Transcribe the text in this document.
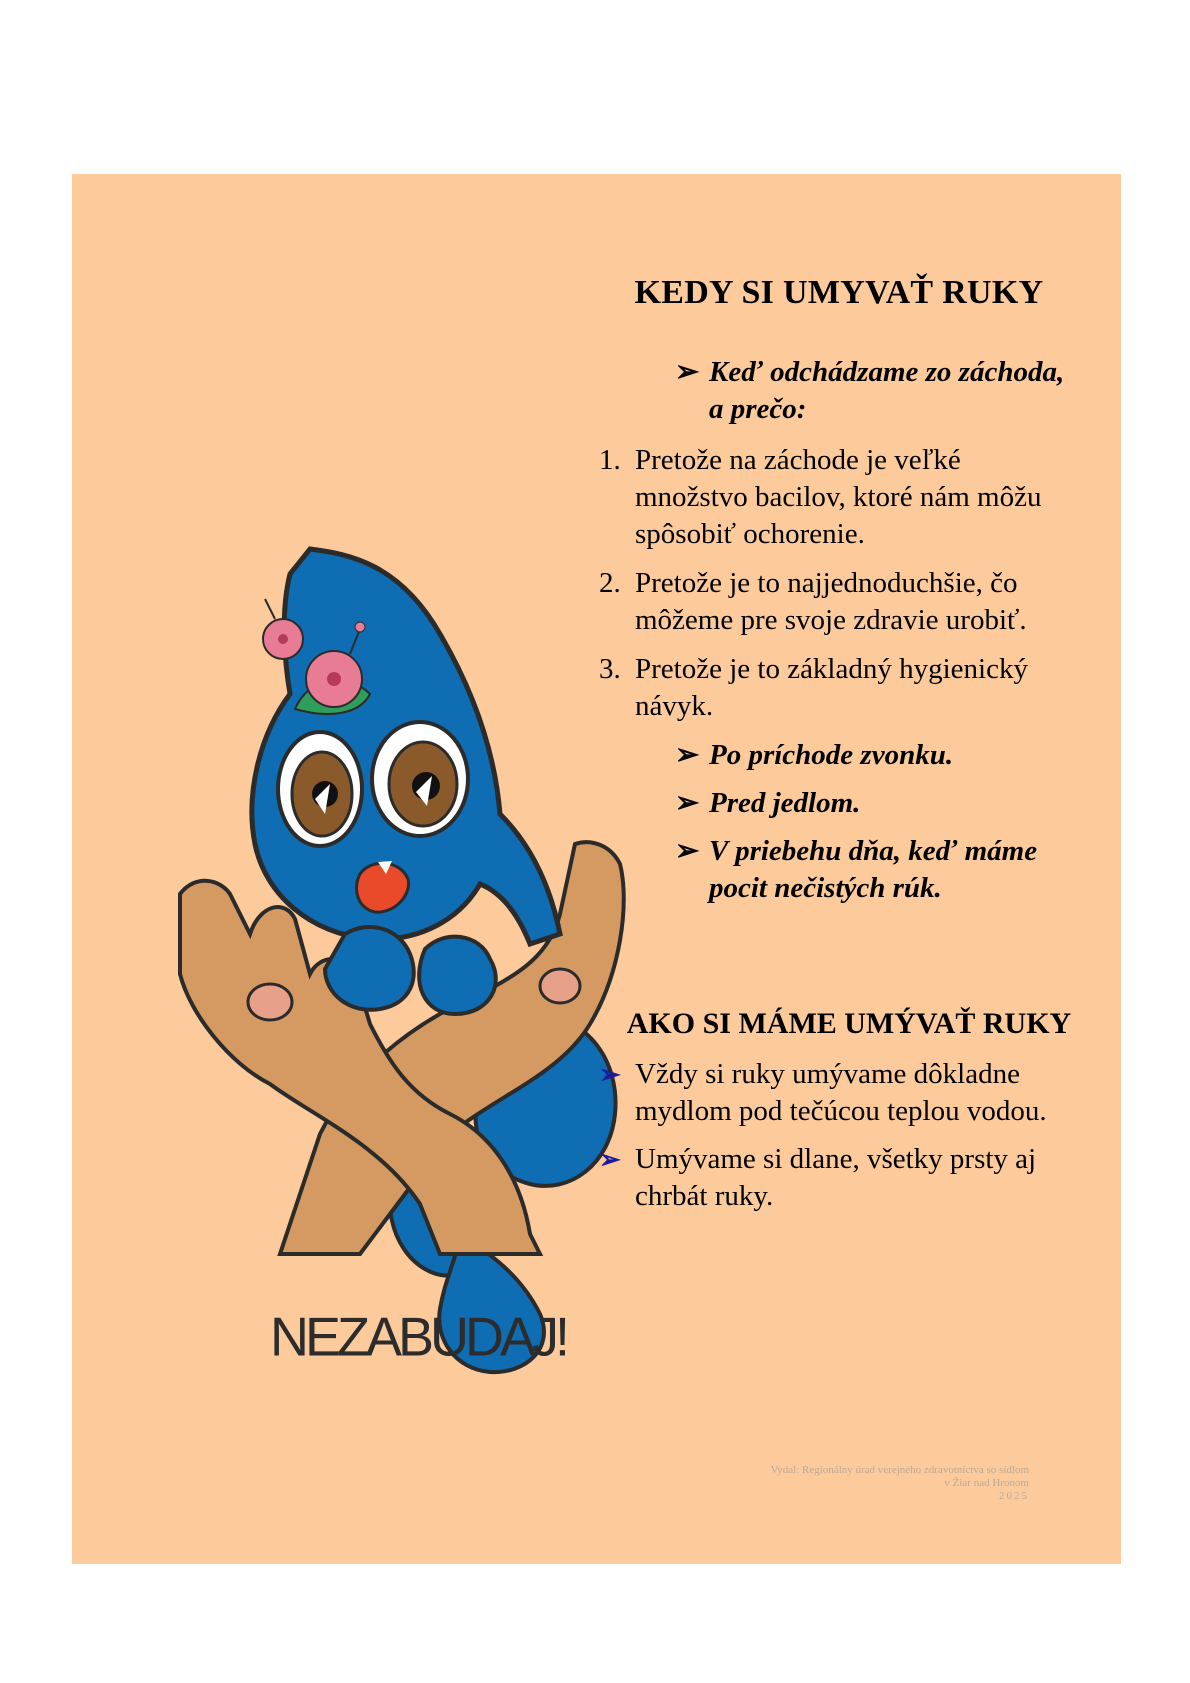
NEZABUDAJ!
KEDY SI UMYVAŤ RUKY
➢ Keď odchádzame zo záchoda, a prečo:
1. Pretože na záchode je veľké množstvo bacilov, ktoré nám môžu spôsobiť ochorenie.
2. Pretože je to najjednoduchšie, čo môžeme pre svoje zdravie urobiť.
3. Pretože je to základný hygienický návyk.
➢ Po príchode zvonku.
➢ Pred jedlom.
➢ V priebehu dňa, keď máme pocit nečistých rúk.
AKO SI MÁME UMÝVAŤ RUKY
➢ Vždy si ruky umývame dôkladne mydlom pod tečúcou teplou vodou.
➢ Umývame si dlane, všetky prsty aj chrbát ruky.
Vydal: Regionálny úrad verejného zdravotníctva so sídlom
v Žiar nad Hronom
2025
